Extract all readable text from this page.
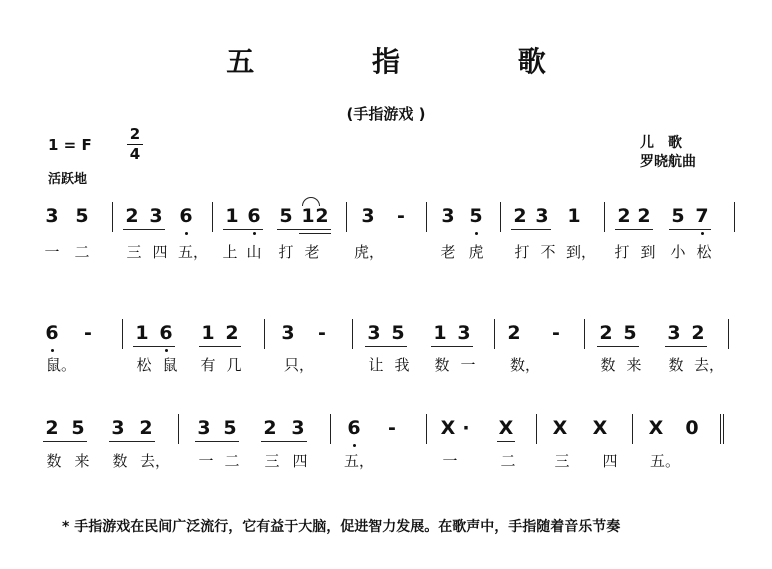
五 指 歌
(手指游戏 )
1 = F
2
4
活跃地
儿　歌
罗晓航曲
3 5 2 3 6 1 6 5 1 2 3 - 3 5 2 3 1 2 2 5 7
一 二 三 四 五， 上 山 打 老 虎，	老 虎 打 不 到， 打 到 小 松
6 - 1 6 1 2 3 - 3 5 1 3 2 - 2 5 3 2
鼠。	松 鼠 有 几	只，	让 我 数 一 数，	数 来 数 去，
2 5 3 2 3 5 2 3 6 - X · X X X X 0
数 来 数 去， 一 二 三 四 五，	一	二	三 四 五。
* 手指游戏在民间广泛流行，它有益于大脑，促进智力发展。在歌声中，手指随着音乐节奏
